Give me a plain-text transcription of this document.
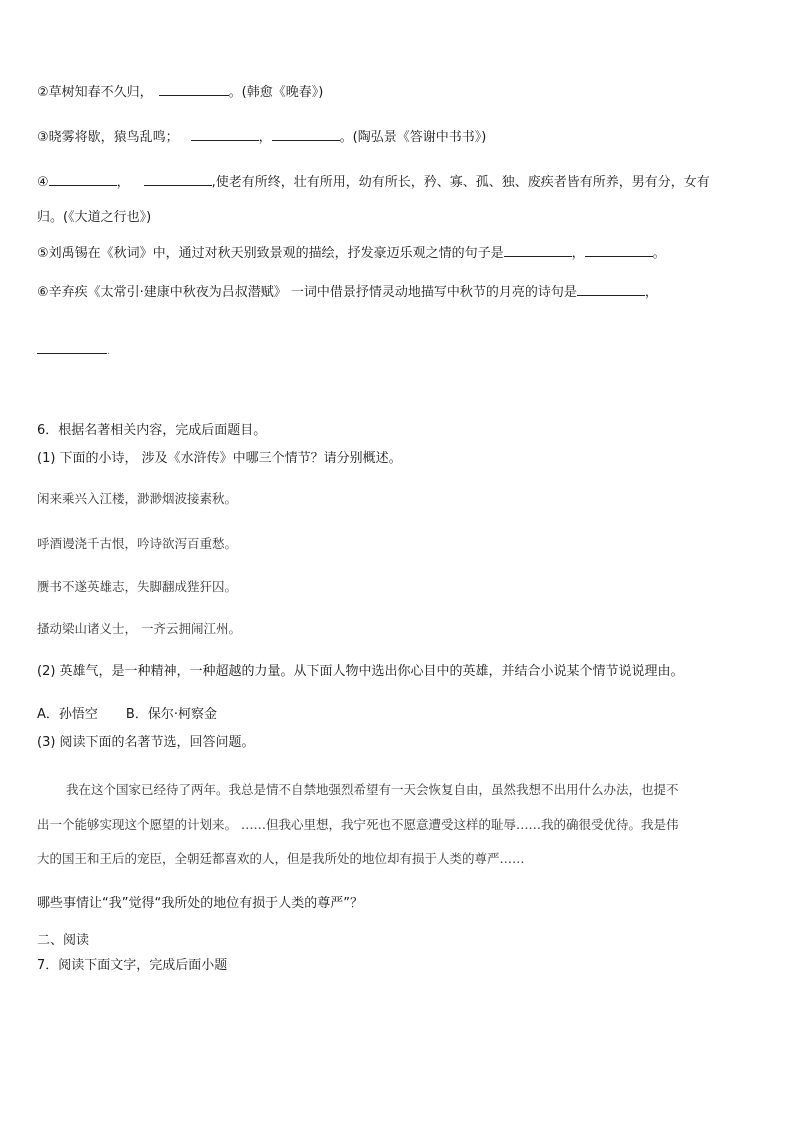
②草树知春不久归，	。(韩愈《晚春》)
③晓雾将歇，猿鸟乱鸣；	，	。(陶弘景《答谢中书书》)
④	，	,使老有所终，壮有所用，幼有所长，矜、寡、孤、独、废疾者皆有所养，男有分，女有
归。(《大道之行也》)
⑤刘禹锡在《秋词》中，通过对秋天别致景观的描绘，抒发豪迈乐观之情的句子是	，	。
⑥辛弃疾《太常引·建康中秋夜为吕叔潜赋》 一词中借景抒情灵动地描写中秋节的月亮的诗句是	，
.
6．根据名著相关内容，完成后面题目。
(1) 下面的小诗， 涉及《水浒传》中哪三个情节？请分别概述。
闲来乘兴入江楼，渺渺烟波接素秋。
呼酒谩浇千古恨，吟诗欲泻百重愁。
赝书不遂英雄志，失脚翻成狴犴囚。
搔动梁山诸义士， 一齐云拥闹江州。
(2) 英雄气，是一种精神，一种超越的力量。从下面人物中选出你心目中的英雄，并结合小说某个情节说说理由。
A．孙悟空 B．保尔·柯察金
(3) 阅读下面的名著节选，回答问题。
我在这个国家已经待了两年。我总是情不自禁地强烈希望有一天会恢复自由，虽然我想不出用什么办法，也提不
出一个能够实现这个愿望的计划来。 ……但我心里想，我宁死也不愿意遭受这样的耻辱……我的确很受优待。我是伟
大的国王和王后的宠臣，全朝廷都喜欢的人，但是我所处的地位却有损于人类的尊严……
哪些事情让“我”觉得“我所处的地位有损于人类的尊严”？
二、阅读
7．阅读下面文字，完成后面小题
